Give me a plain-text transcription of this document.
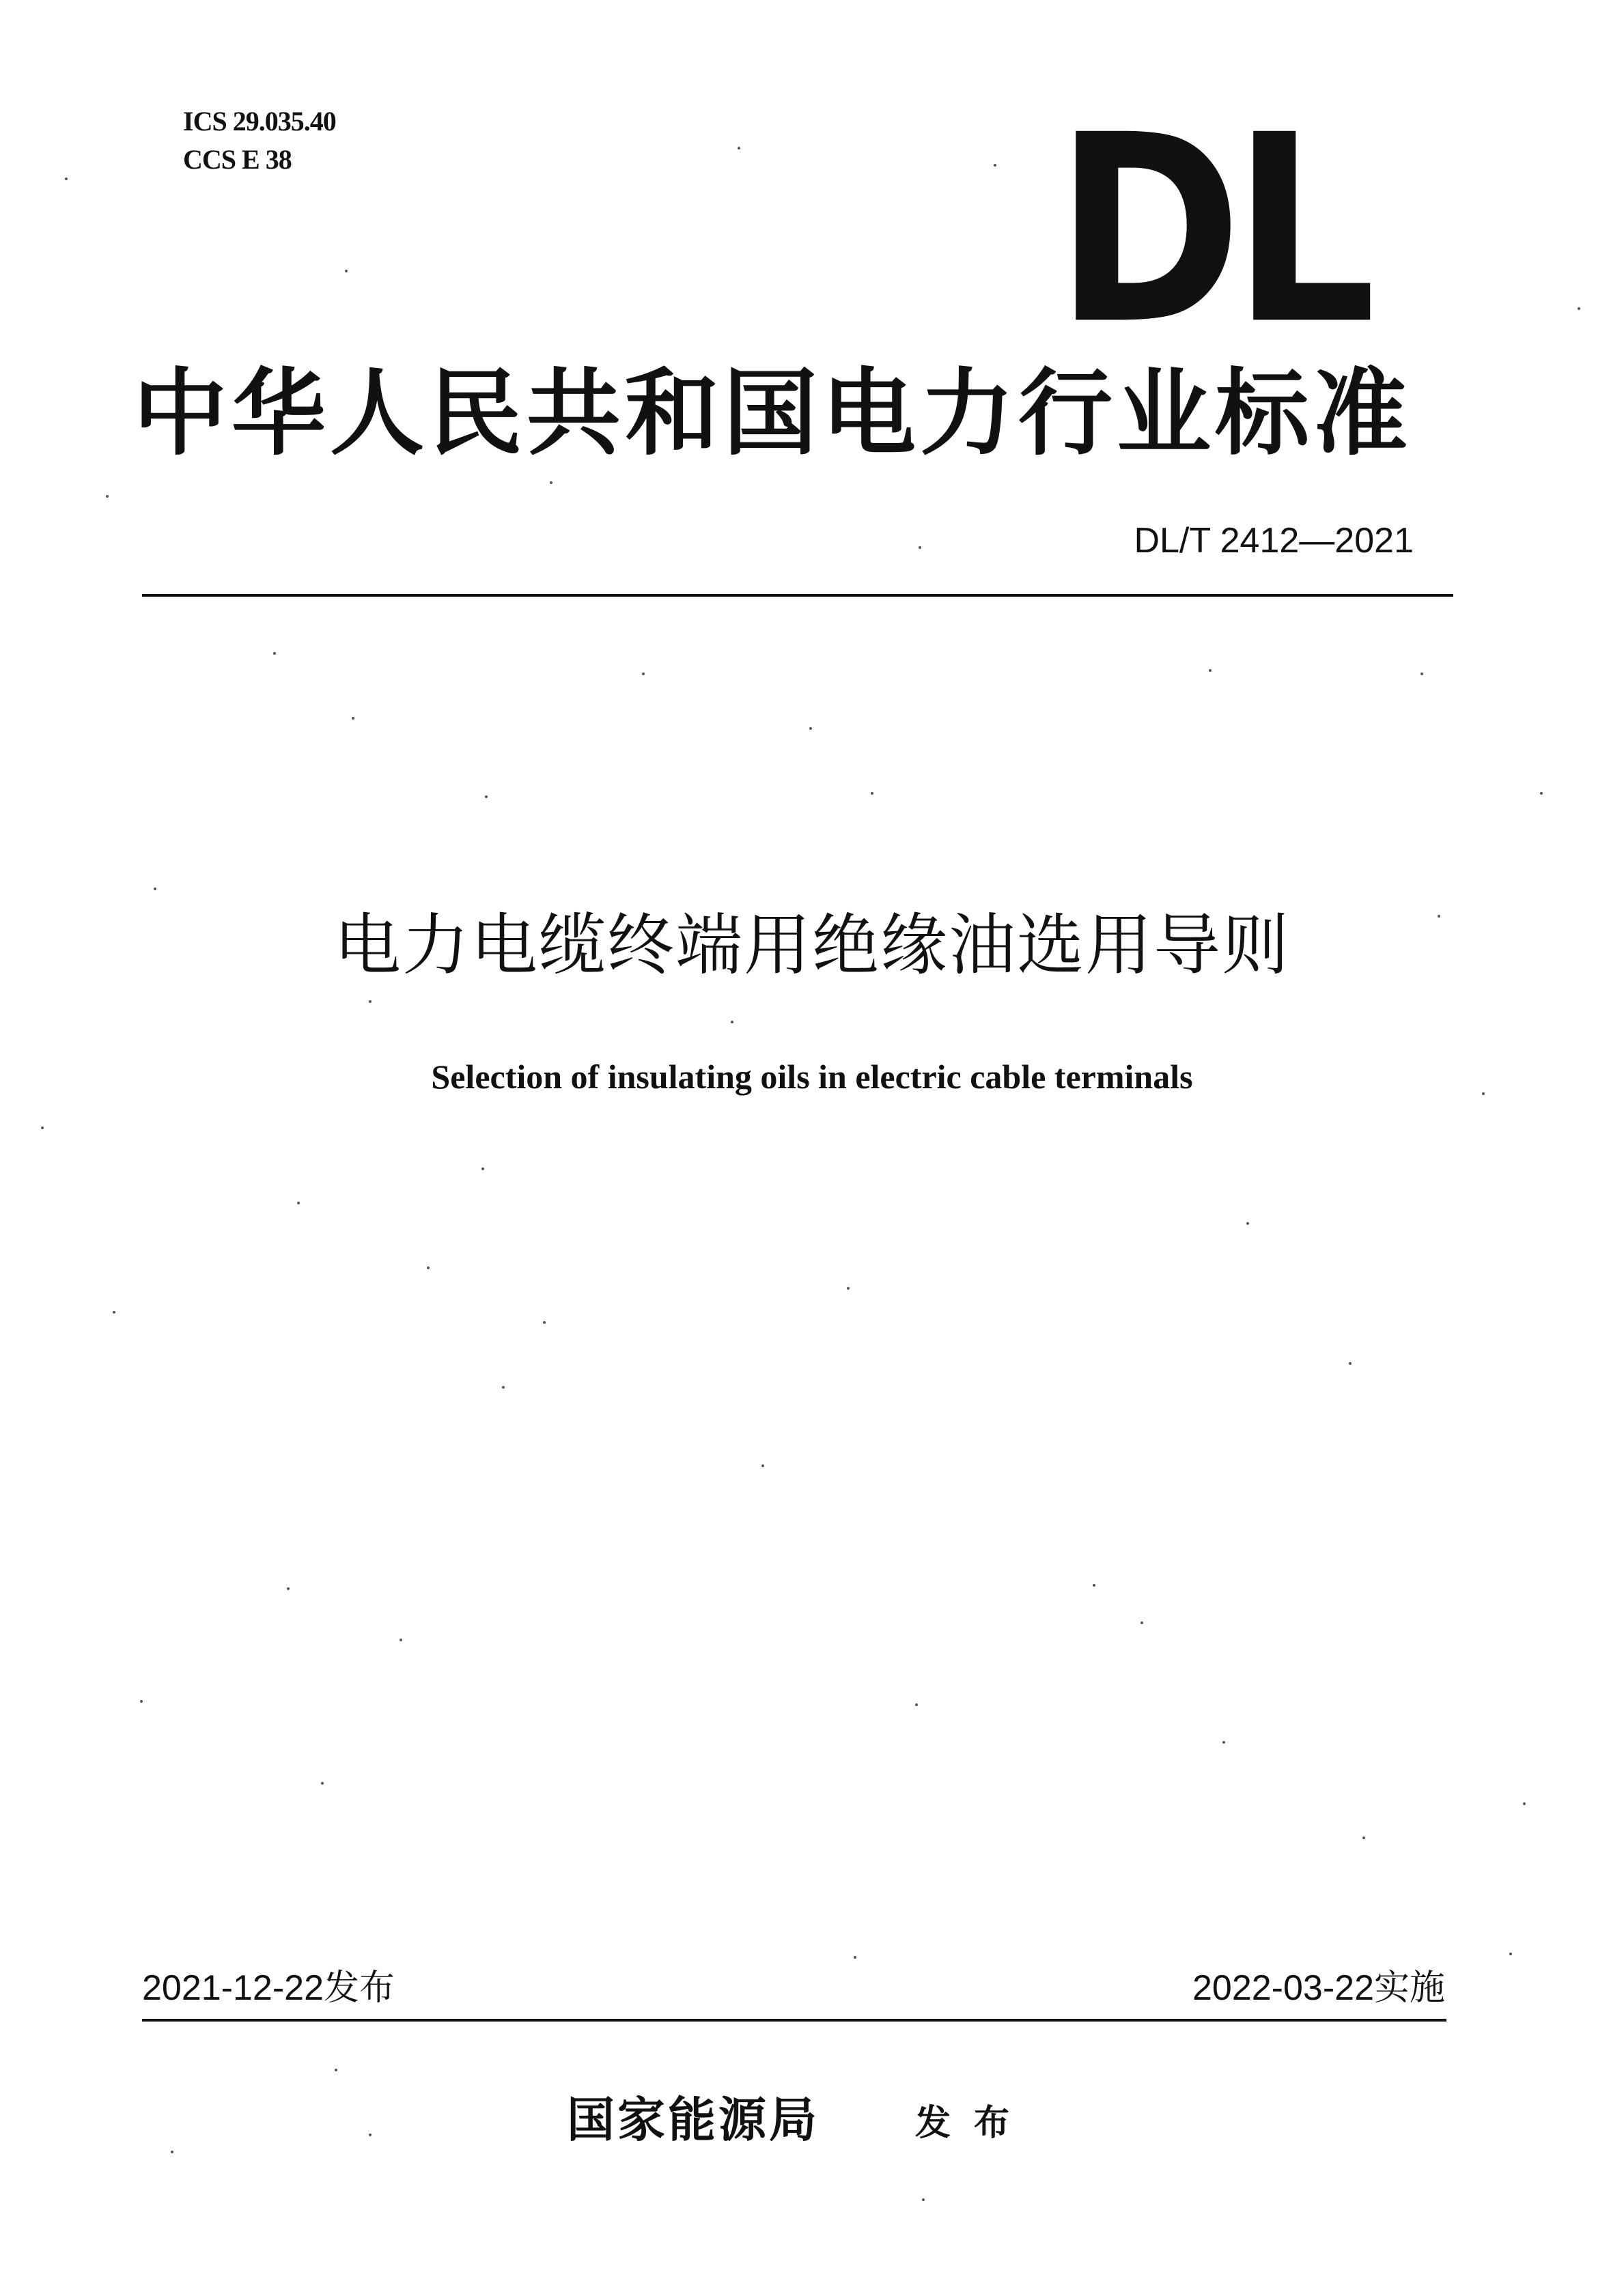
ICS 29.035.40
CCS E 38	DL
中华人民共和国电力行业标准
DL/T 2412—2021
电力电缆终端用绝缘油选用导则
Selection of insulating oils in electric cable terminals
2021-12-22发布	2022-03-22实施
国家能源局	发布
